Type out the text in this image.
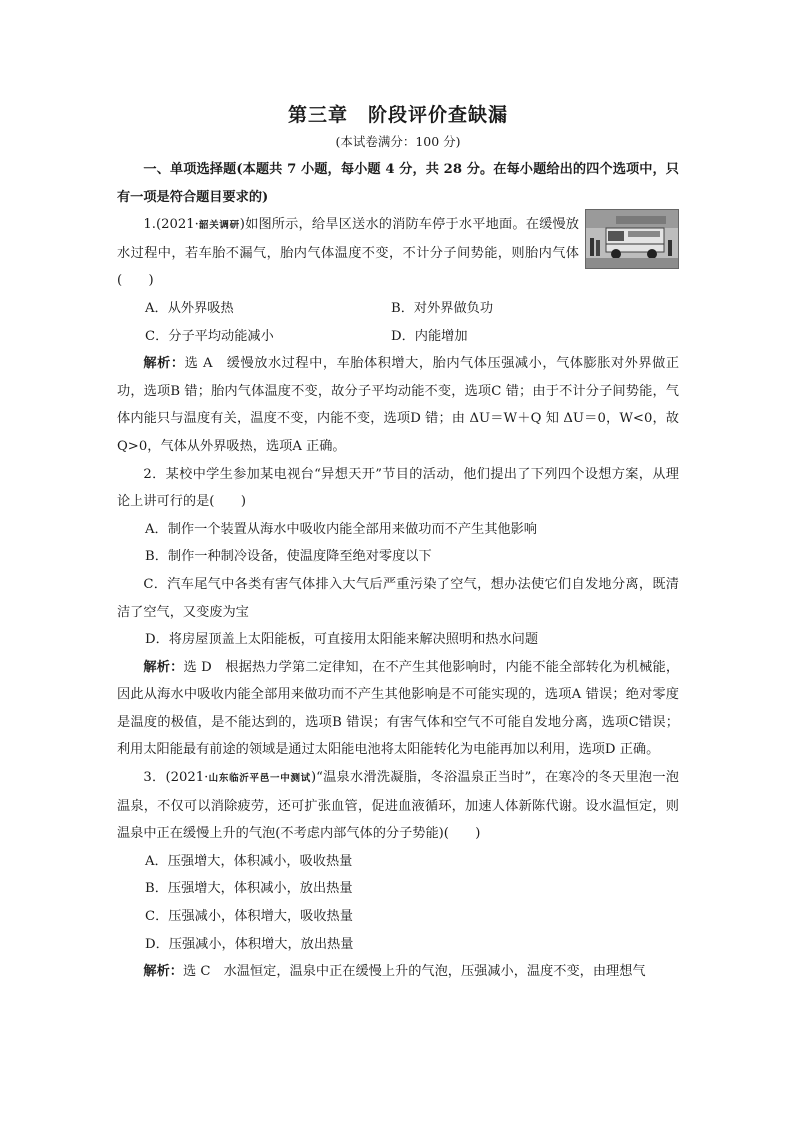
第三章　阶段评价查缺漏
(本试卷满分：100 分)

一、单项选择题(本题共 7 小题，每小题 4 分，共 28 分。在每小题给出的四个选项中，只有一项是符合题目要求的)

1.(2021·韶关调研)如图所示，给旱区送水的消防车停于水平地面。在缓慢放水过程中，若车胎不漏气，胎内气体温度不变，不计分子间势能，则胎内气体(　　)

A．从外界吸热	B．对外界做负功
C．分子平均动能减小	D．内能增加

解析：选 A　缓慢放水过程中，车胎体积增大，胎内气体压强减小，气体膨胀对外界做正功，选项B 错；胎内气体温度不变，故分子平均动能不变，选项C 错；由于不计分子间势能，气体内能只与温度有关，温度不变，内能不变，选项D 错；由 ΔU＝W＋Q 知 ΔU＝0，W<0，故 Q>0，气体从外界吸热，选项A 正确。

2．某校中学生参加某电视台“异想天开”节目的活动，他们提出了下列四个设想方案，从理论上讲可行的是(　　)

A．制作一个装置从海水中吸收内能全部用来做功而不产生其他影响

B．制作一种制冷设备，使温度降至绝对零度以下

C．汽车尾气中各类有害气体排入大气后严重污染了空气，想办法使它们自发地分离，既清洁了空气，又变废为宝

D．将房屋顶盖上太阳能板，可直接用太阳能来解决照明和热水问题

解析：选 D　根据热力学第二定律知，在不产生其他影响时，内能不能全部转化为机械能，因此从海水中吸收内能全部用来做功而不产生其他影响是不可能实现的，选项A 错误；绝对零度是温度的极值，是不能达到的，选项B 错误；有害气体和空气不可能自发地分离，选项C错误；利用太阳能最有前途的领域是通过太阳能电池将太阳能转化为电能再加以利用，选项D 正确。

3．(2021·山东临沂平邑一中测试)“温泉水滑洗凝脂，冬浴温泉正当时”，在寒冷的冬天里泡一泡温泉，不仅可以消除疲劳，还可扩张血管，促进血液循环，加速人体新陈代谢。设水温恒定，则温泉中正在缓慢上升的气泡(不考虑内部气体的分子势能)(　　)

A．压强增大，体积减小，吸收热量

B．压强增大，体积减小，放出热量

C．压强减小，体积增大，吸收热量

D．压强减小，体积增大，放出热量

解析：选 C　水温恒定，温泉中正在缓慢上升的气泡，压强减小，温度不变，由理想气
